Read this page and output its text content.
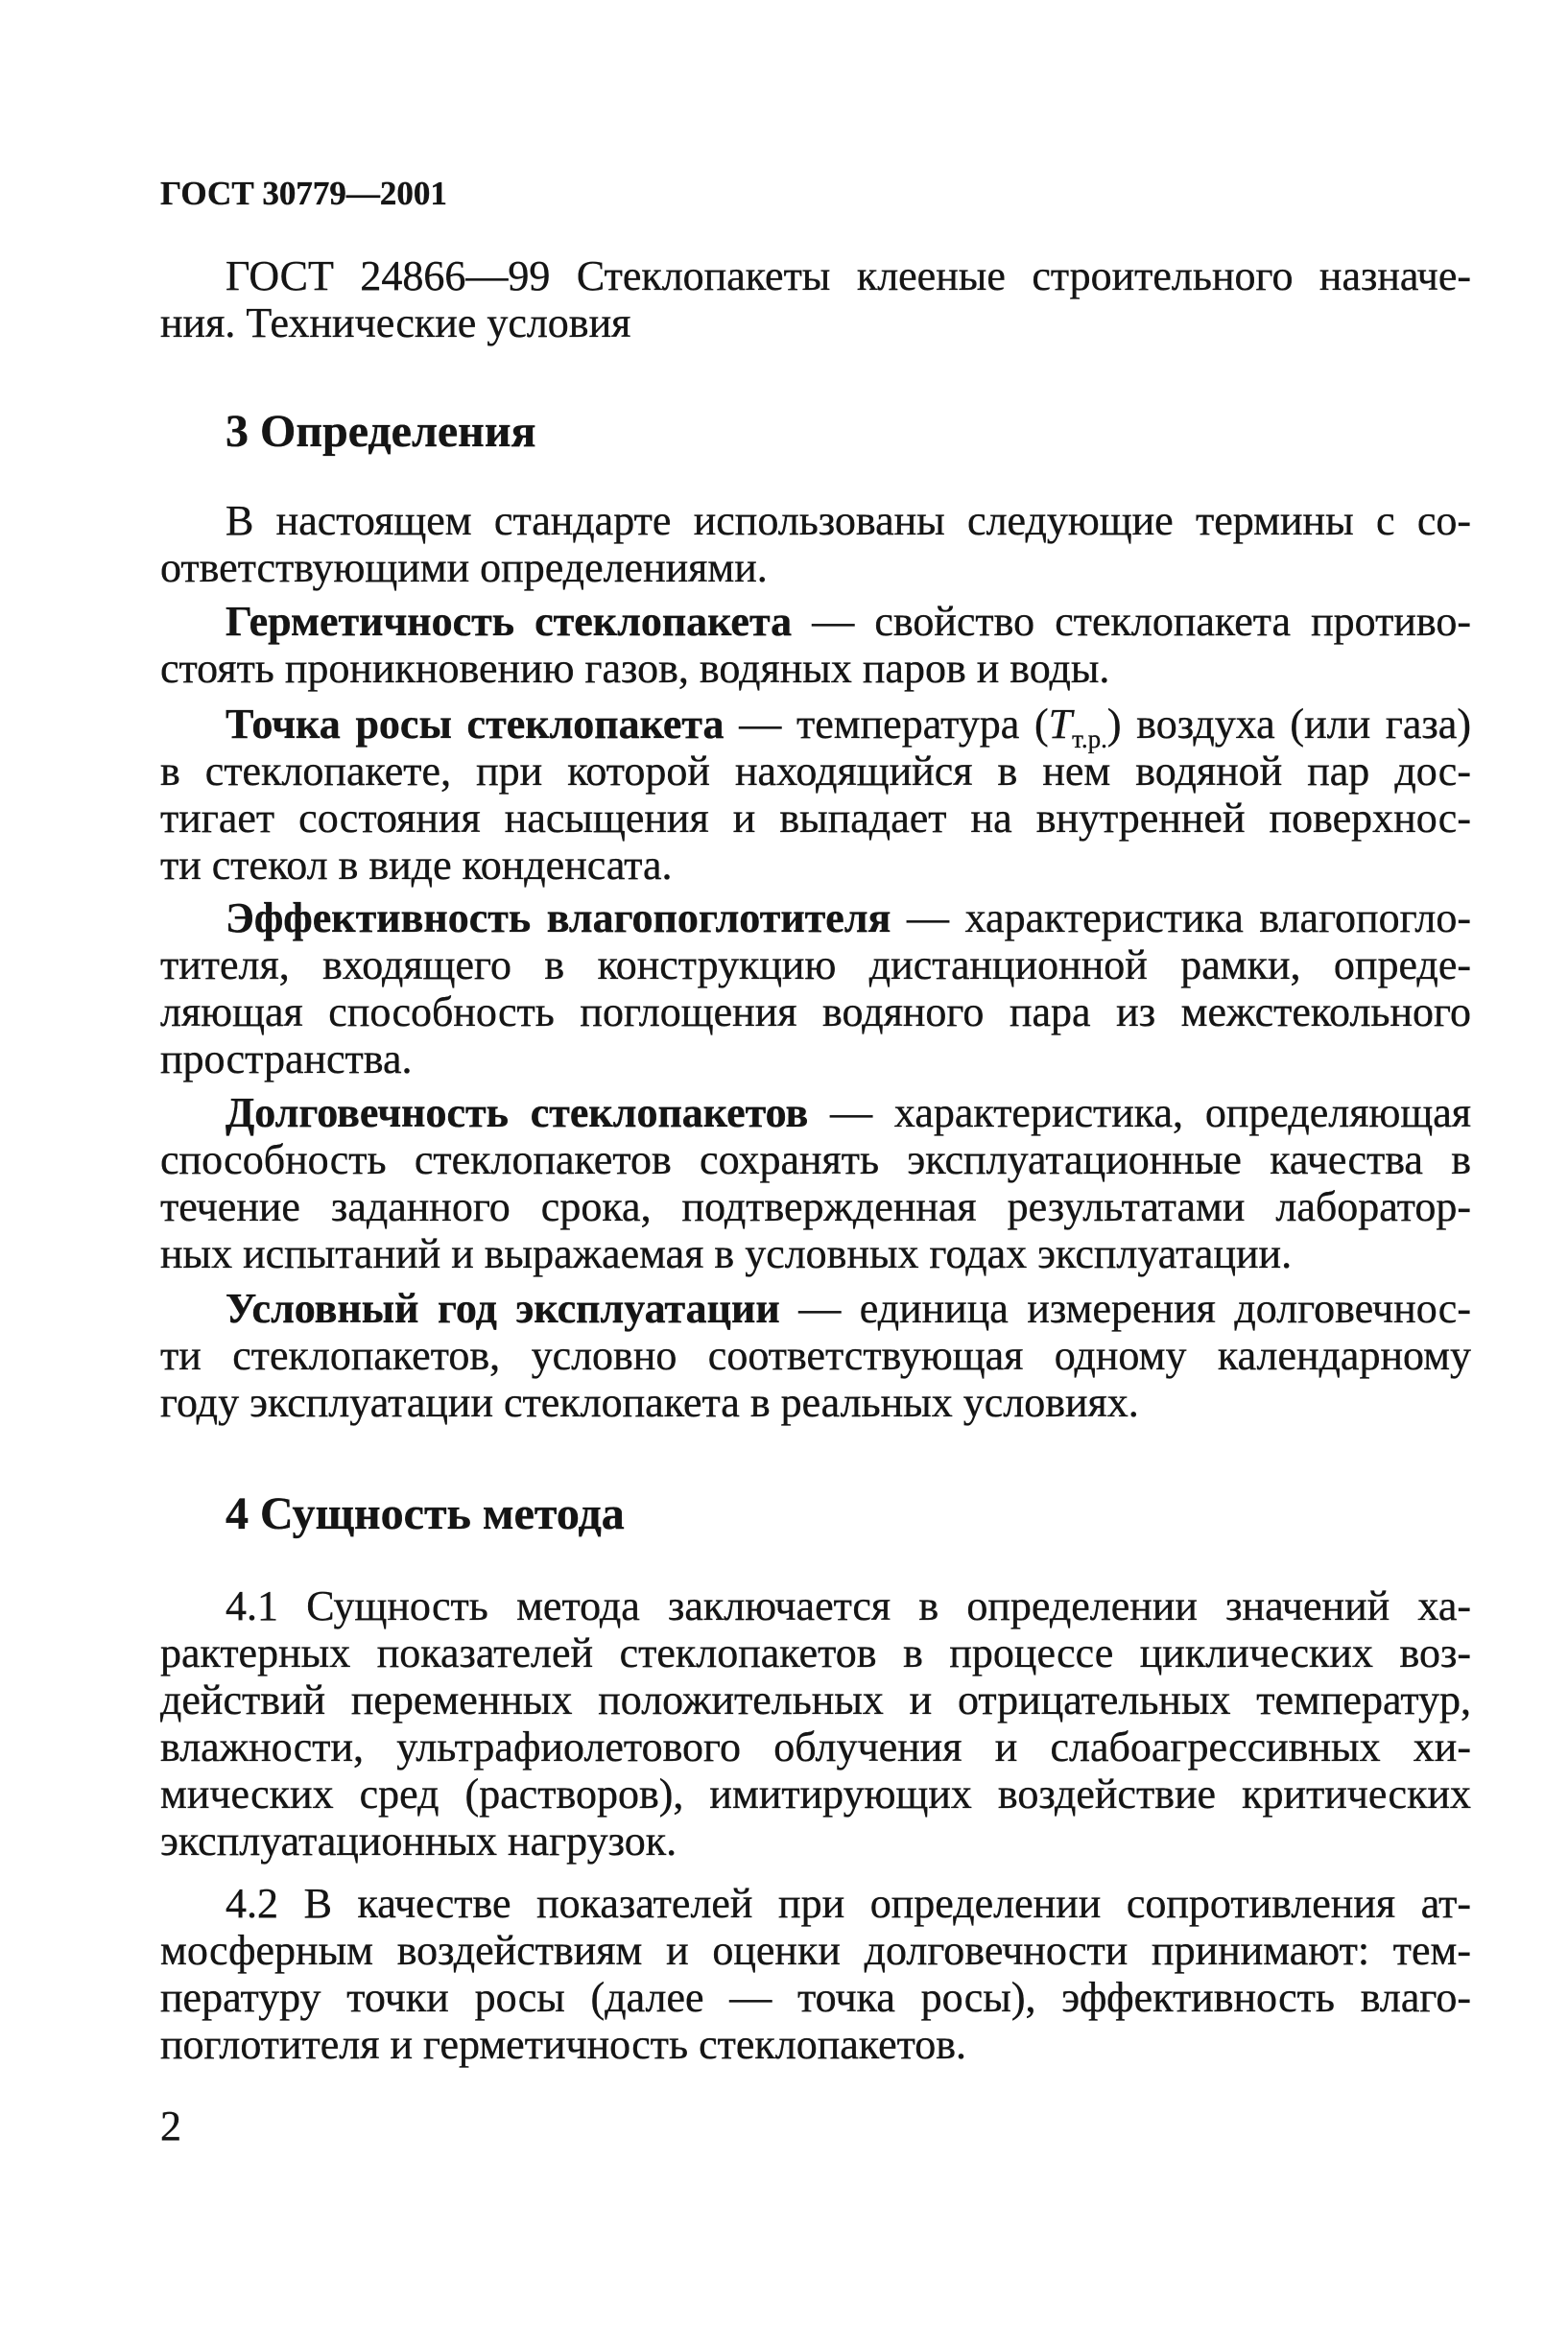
ГОСТ 30779—2001
ГОСТ 24866—99 Стеклопакеты клееные строительного назначе-
ния. Технические условия
3 Определения
В настоящем стандарте использованы следующие термины с со-
ответствующими определениями.
Герметичность стеклопакета — свойство стеклопакета противо-
стоять проникновению газов, водяных паров и воды.
Точка росы стеклопакета — температура $(T_{т.р.})$ воздуха (или газа)
в стеклопакете, при которой находящийся в нем водяной пар дос-
тигает состояния насыщения и выпадает на внутренней поверхнос-
ти стекол в виде конденсата.
Эффективность влагопоглотителя — характеристика влагопогло-
тителя, входящего в конструкцию дистанционной рамки, опреде-
ляющая способность поглощения водяного пара из межстекольного
пространства.
Долговечность стеклопакетов — характеристика, определяющая
способность стеклопакетов сохранять эксплуатационные качества в
течение заданного срока, подтвержденная результатами лаборатор-
ных испытаний и выражаемая в условных годах эксплуатации.
Условный год эксплуатации — единица измерения долговечнос-
ти стеклопакетов, условно соответствующая одному календарному
году эксплуатации стеклопакета в реальных условиях.
4 Сущность метода
4.1 Сущность метода заключается в определении значений ха-
рактерных показателей стеклопакетов в процессе циклических воз-
действий переменных положительных и отрицательных температур,
влажности, ультрафиолетового облучения и слабоагрессивных хи-
мических сред (растворов), имитирующих воздействие критических
эксплуатационных нагрузок.
4.2 В качестве показателей при определении сопротивления ат-
мосферным воздействиям и оценки долговечности принимают: тем-
пературу точки росы (далее — точка росы), эффективность влаго-
поглотителя и герметичность стеклопакетов.
2
